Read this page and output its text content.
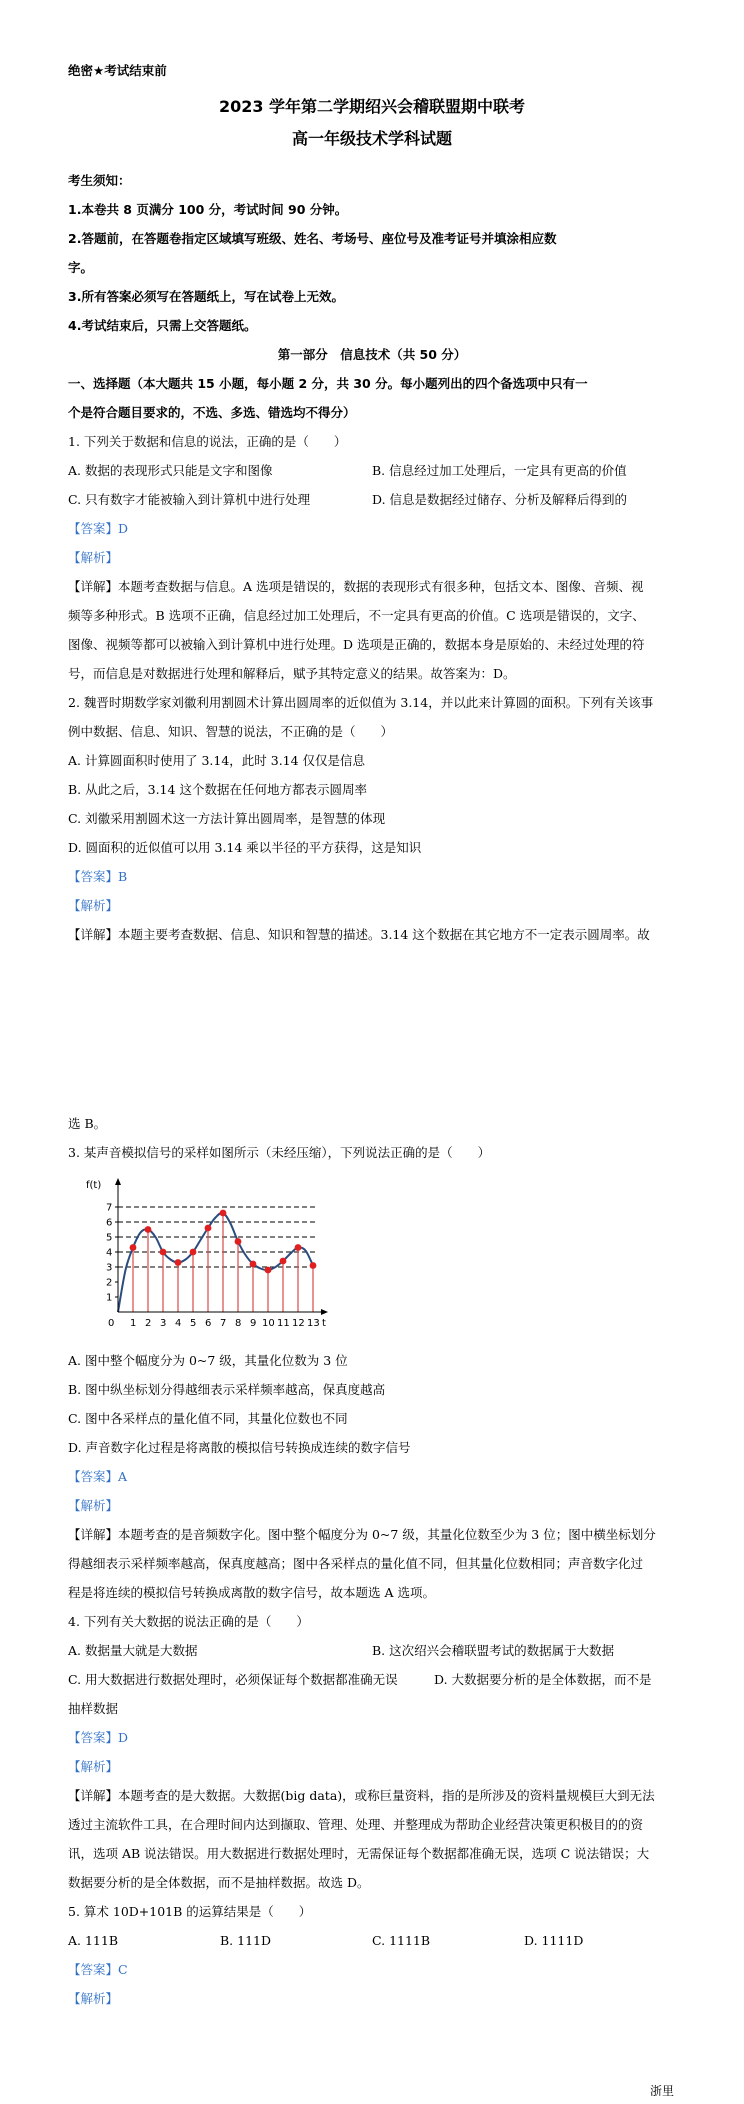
绝密★考试结束前
2023 学年第二学期绍兴会稽联盟期中联考
高一年级技术学科试题
考生须知：
1.本卷共 8 页满分 100 分，考试时间 90 分钟。
2.答题前，在答题卷指定区域填写班级、姓名、考场号、座位号及准考证号并填涂相应数
字。
3.所有答案必须写在答题纸上，写在试卷上无效。
4.考试结束后，只需上交答题纸。
第一部分　信息技术（共 50 分）
一、选择题（本大题共 15 小题，每小题 2 分，共 30 分。每小题列出的四个备选项中只有一
个是符合题目要求的，不选、多选、错选均不得分）
1. 下列关于数据和信息的说法，正确的是（　　）
A. 数据的表现形式只能是文字和图像	B. 信息经过加工处理后，一定具有更高的价值
C. 只有数字才能被输入到计算机中进行处理	D. 信息是数据经过储存、分析及解释后得到的
【答案】D
【解析】
【详解】本题考查数据与信息。A 选项是错误的，数据的表现形式有很多种，包括文本、图像、音频、视
频等多种形式。B 选项不正确，信息经过加工处理后，不一定具有更高的价值。C 选项是错误的，文字、
图像、视频等都可以被输入到计算机中进行处理。D 选项是正确的，数据本身是原始的、未经过处理的符
号，而信息是对数据进行处理和解释后，赋予其特定意义的结果。故答案为：D。
2. 魏晋时期数学家刘徽利用割圆术计算出圆周率的近似值为 3.14，并以此来计算圆的面积。下列有关该事
例中数据、信息、知识、智慧的说法，不正确的是（　　）
A. 计算圆面积时使用了 3.14，此时 3.14 仅仅是信息
B. 从此之后，3.14 这个数据在任何地方都表示圆周率
C. 刘徽采用割圆术这一方法计算出圆周率，是智慧的体现
D. 圆面积的近似值可以用 3.14 乘以半径的平方获得，这是知识
【答案】B
【解析】
【详解】本题主要考查数据、信息、知识和智慧的描述。3.14 这个数据在其它地方不一定表示圆周率。故
选 B。
3. 某声音模拟信号的采样如图所示（未经压缩），下列说法正确的是（　　）
f(t)
t
0
1
2
3
4
5
6
7
1 2 3 4 5 6 7 8 9 10 11 12 13
A. 图中整个幅度分为 0~7 级，其量化位数为 3 位
B. 图中纵坐标划分得越细表示采样频率越高，保真度越高
C. 图中各采样点的量化值不同，其量化位数也不同
D. 声音数字化过程是将离散的模拟信号转换成连续的数字信号
【答案】A
【解析】
【详解】本题考查的是音频数字化。图中整个幅度分为 0~7 级，其量化位数至少为 3 位；图中横坐标划分
得越细表示采样频率越高，保真度越高；图中各采样点的量化值不同，但其量化位数相同；声音数字化过
程是将连续的模拟信号转换成离散的数字信号，故本题选 A 选项。
4. 下列有关大数据的说法正确的是（　　）
A. 数据量大就是大数据	B. 这次绍兴会稽联盟考试的数据属于大数据
C. 用大数据进行数据处理时，必须保证每个数据都准确无误	D. 大数据要分析的是全体数据，而不是
抽样数据
【答案】D
【解析】
【详解】本题考查的是大数据。大数据(big data)，或称巨量资料，指的是所涉及的资料量规模巨大到无法
透过主流软件工具，在合理时间内达到撷取、管理、处理、并整理成为帮助企业经营决策更积极目的的资
讯，选项 AB 说法错误。用大数据进行数据处理时，无需保证每个数据都准确无误，选项 C 说法错误；大
数据要分析的是全体数据，而不是抽样数据。故选 D。
5. 算术 10D+101B 的运算结果是（　　）
A. 111B	B. 111D	C. 1111B	D. 1111D
【答案】C
【解析】
浙里
